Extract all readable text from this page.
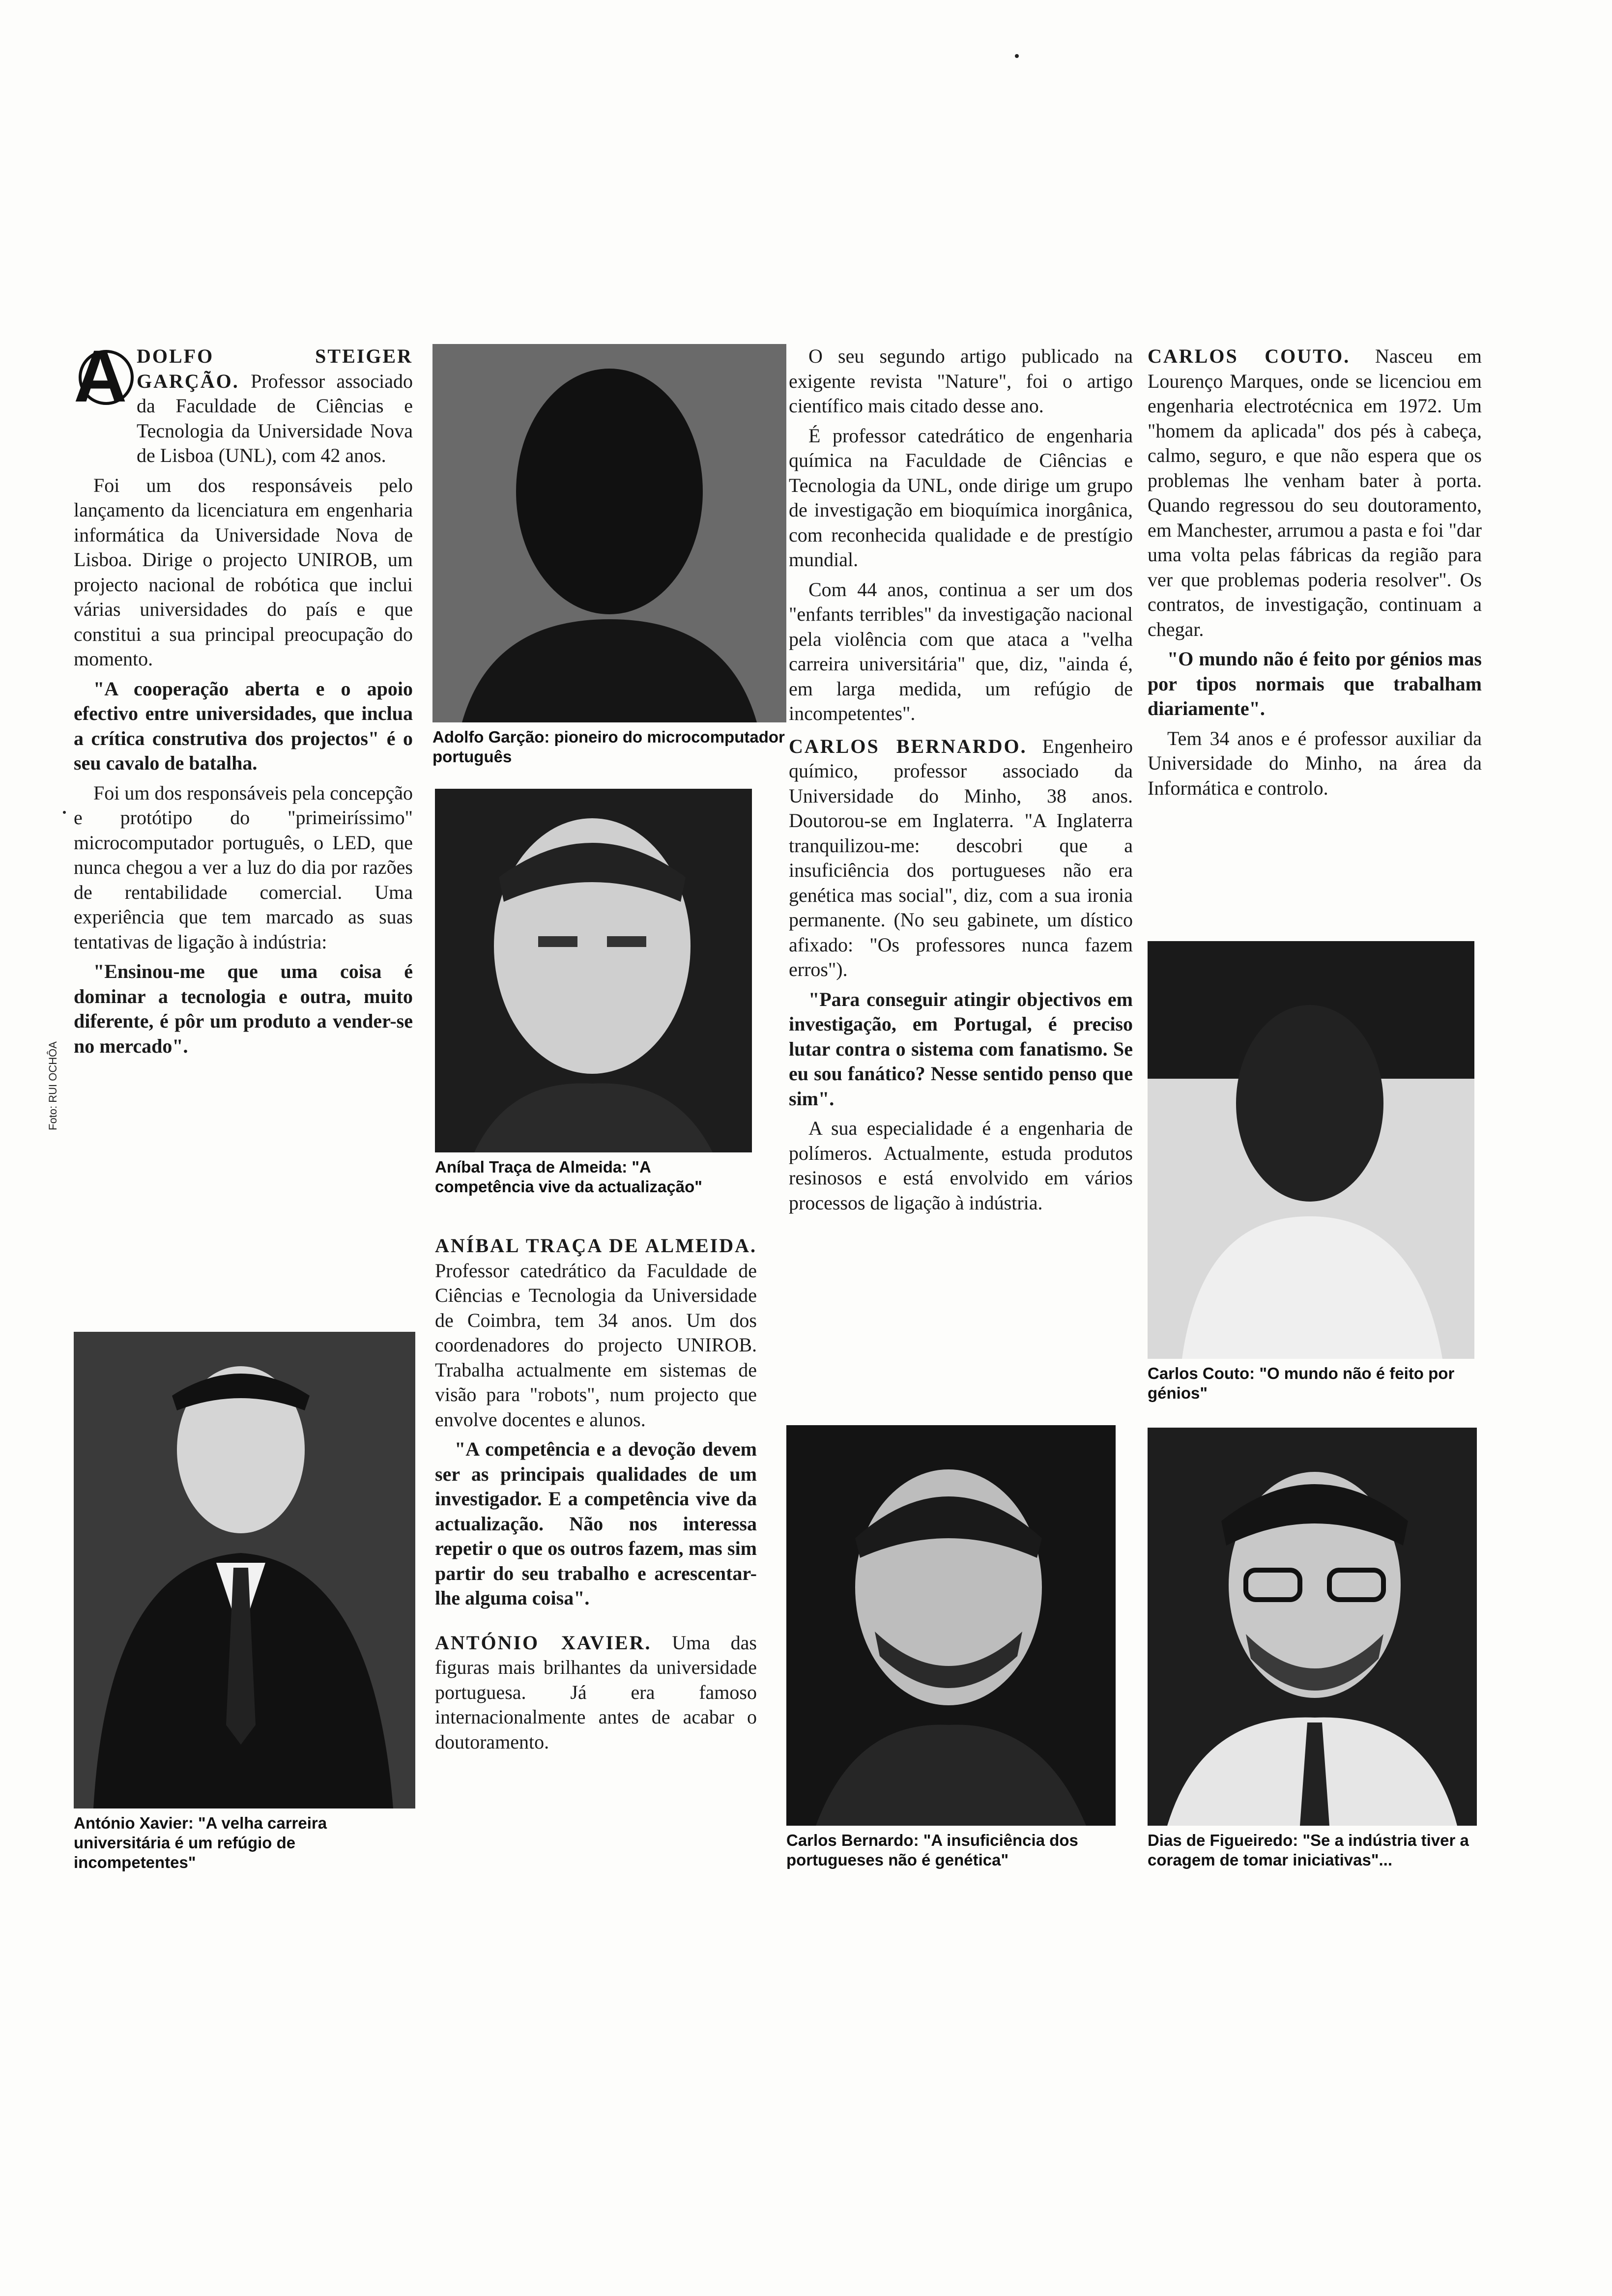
A DOLFO STEIGER GARÇÃO. Professor associado da Faculdade de Ciências e Tecnologia da Universidade Nova de Lisboa (UNL), com 42 anos.

Foi um dos responsáveis pelo lançamento da licenciatura em engenharia informática da Universidade Nova de Lisboa. Dirige o projecto UNIROB, um projecto nacional de robótica que inclui várias universidades do país e que constitui a sua principal preocupação do momento.

"A cooperação aberta e o apoio efectivo entre universidades, que inclua a crítica construtiva dos projectos" é o seu cavalo de batalha.

Foi um dos responsáveis pela concepção e protótipo do "primeiríssimo" microcomputador português, o LED, que nunca chegou a ver a luz do dia por razões de rentabilidade comercial. Uma experiência que tem marcado as suas tentativas de ligação à indústria:

"Ensinou-me que uma coisa é dominar a tecnologia e outra, muito diferente, é pôr um produto a vender-se no mercado".

Adolfo Garção: pioneiro do microcomputador português
Aníbal Traça de Almeida: "A competência vive da actualização"

ANÍBAL TRAÇA DE ALMEIDA. Professor catedrático da Faculdade de Ciências e Tecnologia da Universidade de Coimbra, tem 34 anos. Um dos coordenadores do projecto UNIROB. Trabalha actualmente em sistemas de visão para "robots", num projecto que envolve docentes e alunos.

"A competência e a devoção devem ser as principais qualidades de um investigador. E a competência vive da actualização. Não nos interessa repetir o que os outros fazem, mas sim partir do seu trabalho e acrescentar-lhe alguma coisa".

ANTÓNIO XAVIER. Uma das figuras mais brilhantes da universidade portuguesa. Já era famoso internacionalmente antes de acabar o doutoramento.

O seu segundo artigo publicado na exigente revista "Nature", foi o artigo científico mais citado desse ano.

É professor catedrático de engenharia química na Faculdade de Ciências e Tecnologia da UNL, onde dirige um grupo de investigação em bioquímica inorgânica, com reconhecida qualidade e de prestígio mundial.

Com 44 anos, continua a ser um dos "enfants terribles" da investigação nacional pela violência com que ataca a "velha carreira universitária" que, diz, "ainda é, em larga medida, um refúgio de incompetentes".

CARLOS BERNARDO. Engenheiro químico, professor associado da Universidade do Minho, 38 anos. Doutorou-se em Inglaterra. "A Inglaterra tranquilizou-me: descobri que a insuficiência dos portugueses não era genética mas social", diz, com a sua ironia permanente. (No seu gabinete, um dístico afixado: "Os professores nunca fazem erros").

"Para conseguir atingir objectivos em investigação, em Portugal, é preciso lutar contra o sistema com fanatismo. Se eu sou fanático? Nesse sentido penso que sim".

A sua especialidade é a engenharia de polímeros. Actualmente, estuda produtos resinosos e está envolvido em vários processos de ligação à indústria.

CARLOS COUTO. Nasceu em Lourenço Marques, onde se licenciou em engenharia electrotécnica em 1972. Um "homem da aplicada" dos pés à cabeça, calmo, seguro, e que não espera que os problemas lhe venham bater à porta. Quando regressou do seu doutoramento, em Manchester, arrumou a pasta e foi "dar uma volta pelas fábricas da região para ver que problemas poderia resolver". Os contratos, de investigação, continuam a chegar.

"O mundo não é feito por génios mas por tipos normais que trabalham diariamente".

Tem 34 anos e é professor auxiliar da Universidade do Minho, na área da Informática e controlo.

Carlos Couto: "O mundo não é feito por génios"
António Xavier: "A velha carreira universitária é um refúgio de incompetentes"
Carlos Bernardo: "A insuficiência dos portugueses não é genética"
Dias de Figueiredo: "Se a indústria tiver a coragem de tomar iniciativas"...
Foto: RUI OCHÔA
